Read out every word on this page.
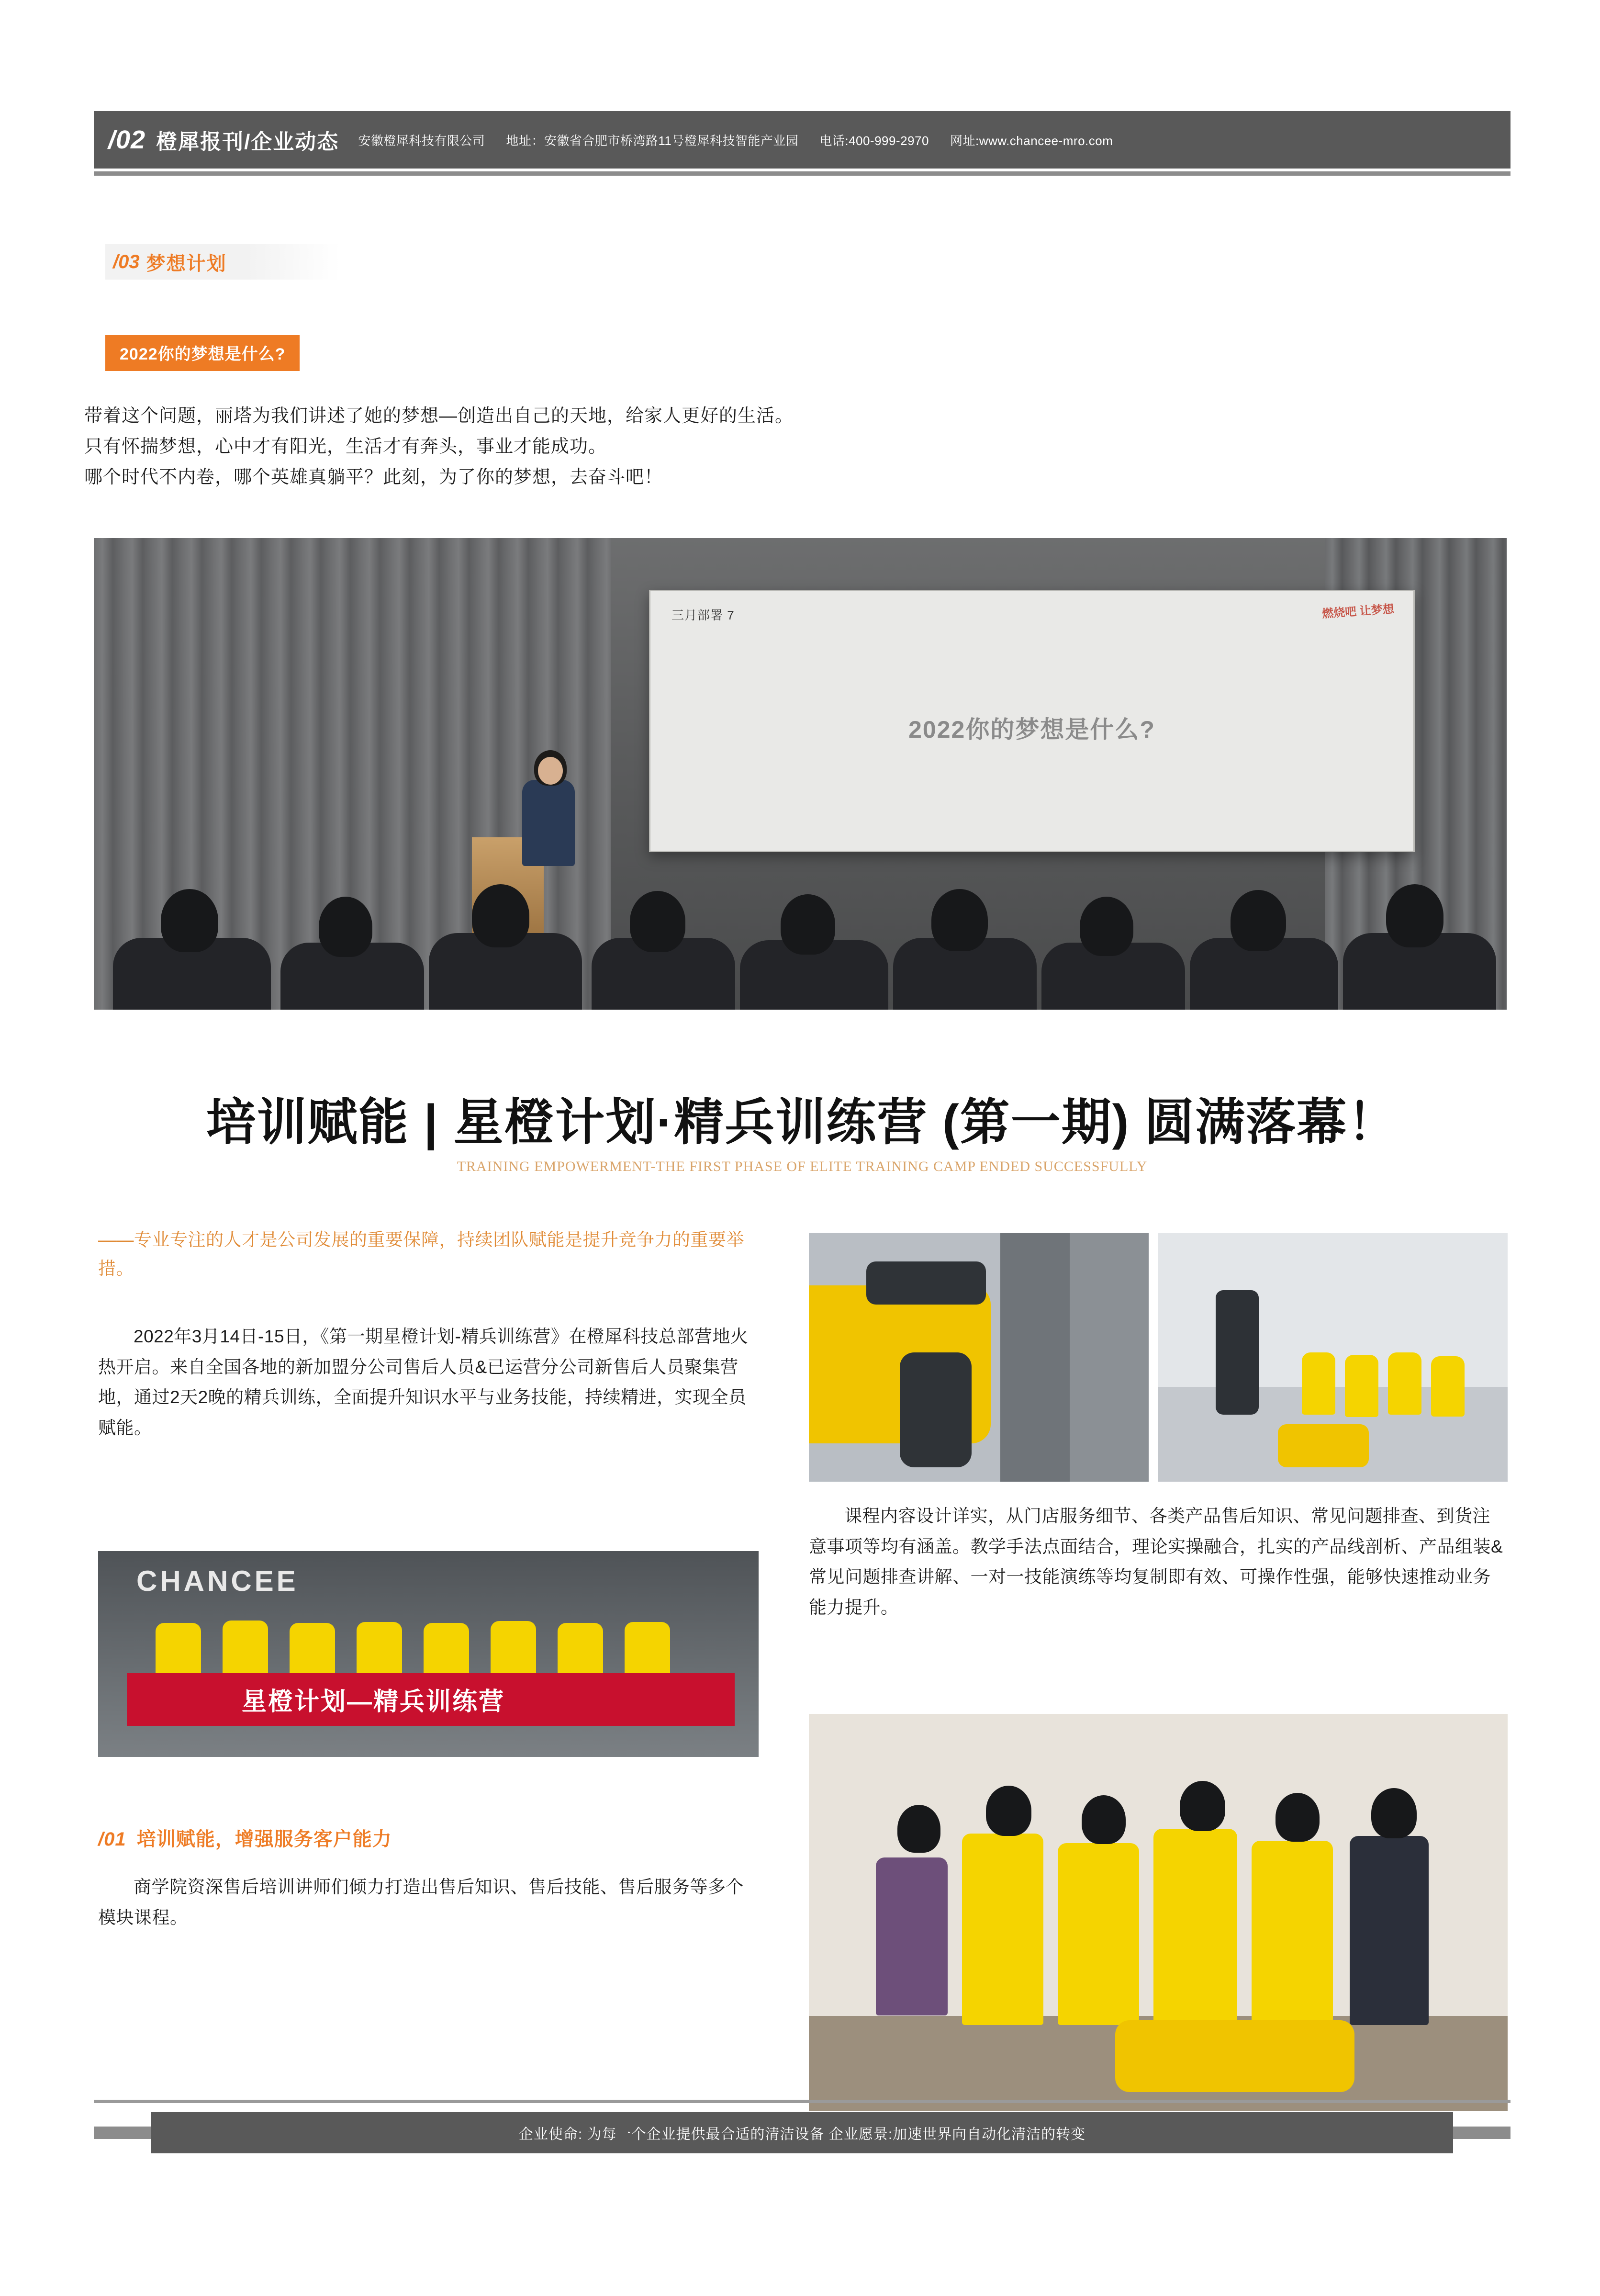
/02 橙犀报刊/企业动态 安徽橙犀科技有限公司 地址：安徽省合肥市桥湾路11号橙犀科技智能产业园 电话:400-999-2970 网址:www.chancee-mro.com
/03 梦想计划
2022你的梦想是什么?
带着这个问题，丽塔为我们讲述了她的梦想—创造出自己的天地，给家人更好的生活。
只有怀揣梦想，心中才有阳光，生活才有奔头，事业才能成功。
哪个时代不内卷，哪个英雄真躺平？此刻，为了你的梦想，去奋斗吧！
三月部署 7	燃烧吧 让梦想
2022你的梦想是什么?
培训赋能 | 星橙计划·精兵训练营 (第一期) 圆满落幕！
TRAINING EMPOWERMENT-THE FIRST PHASE OF ELITE TRAINING CAMP ENDED SUCCESSFULLY
——专业专注的人才是公司发展的重要保障，持续团队赋能是提升竞争力的重要举措。
2022年3月14日-15日，《第一期星橙计划-精兵训练营》在橙犀科技总部营地火热开启。来自全国各地的新加盟分公司售后人员&已运营分公司新售后人员聚集营地，通过2天2晚的精兵训练，全面提升知识水平与业务技能，持续精进，实现全员赋能。
课程内容设计详实，从门店服务细节、各类产品售后知识、常见问题排查、到货注意事项等均有涵盖。教学手法点面结合，理论实操融合，扎实的产品线剖析、产品组装&常见问题排查讲解、一对一技能演练等均复制即有效、可操作性强，能够快速推动业务能力提升。
CHANCEE
星橙计划—精兵训练营
/01 培训赋能，增强服务客户能力
商学院资深售后培训讲师们倾力打造出售后知识、售后技能、售后服务等多个模块课程。
企业使命: 为每一个企业提供最合适的清洁设备 企业愿景:加速世界向自动化清洁的转变
